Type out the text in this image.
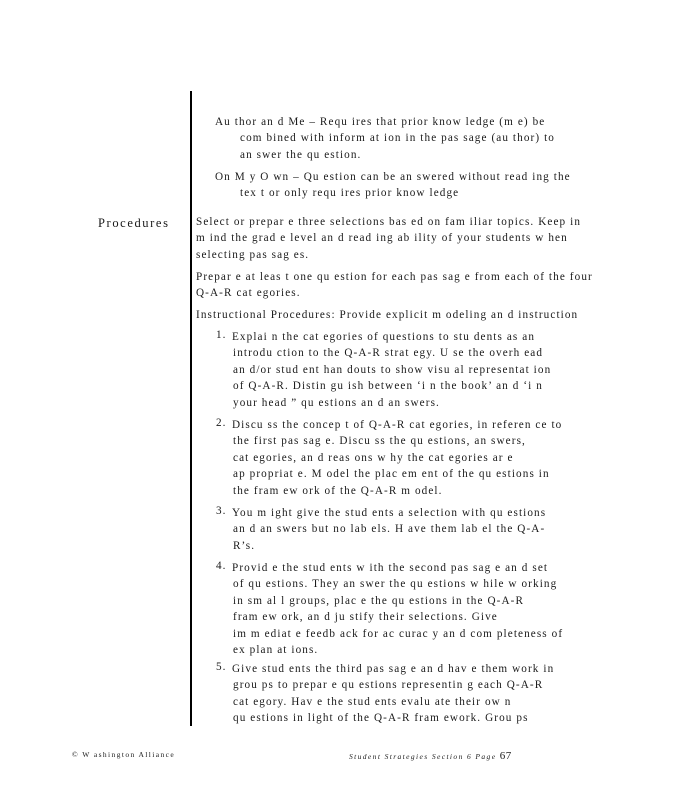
Au thor an d Me – Requ ires that prior know ledge (m e) be
com bined with inform at ion in the pas sage (au thor) to
an swer the qu estion.
On M y O wn – Qu estion can be an swered without read ing the
tex t or only requ ires prior know ledge
Procedures Select or prepar e three selections bas ed on fam iliar topics. Keep in
m ind the grad e level an d read ing ab ility of your students w hen
selecting pas sag es.
Prepar e at leas t one qu estion for each pas sag e from each of the four
Q-A-R cat egories.
Instructional Procedures: Provide explicit m odeling an d instruction
1. Explai n the cat egories of questions to stu dents as an
introdu ction to the Q-A-R strat egy. U se the overh ead
an d/or stud ent han douts to show visu al representat ion
of Q-A-R. Distin gu ish between ‘i n the book’ an d ‘i n
your head ” qu estions an d an swers.
2. Discu ss the concep t of Q-A-R cat egories, in referen ce to
the first pas sag e. Discu ss the qu estions, an swers,
cat egories, an d reas ons w hy the cat egories ar e
ap propriat e. M odel the plac em ent of the qu estions in
the fram ew ork of the Q-A-R m odel.
3. You m ight give the stud ents a selection with qu estions
an d an swers but no lab els. H ave them lab el the Q-A-
R’s.
4. Provid e the stud ents w ith the second pas sag e an d set
of qu estions. They an swer the qu estions w hile w orking
in sm al l groups, plac e the qu estions in the Q-A-R
fram ew ork, an d ju stify their selections. Give
im m ediat e feedb ack for ac curac y an d com pleteness of
ex plan at ions.
5. Give stud ents the third pas sag e an d hav e them work in
grou ps to prepar e qu estions representin g each Q-A-R
cat egory. Hav e the stud ents evalu ate their ow n
qu estions in light of the Q-A-R fram ework. Grou ps
© W ashington Alliance	Student Strategies Section 6 Page 67
